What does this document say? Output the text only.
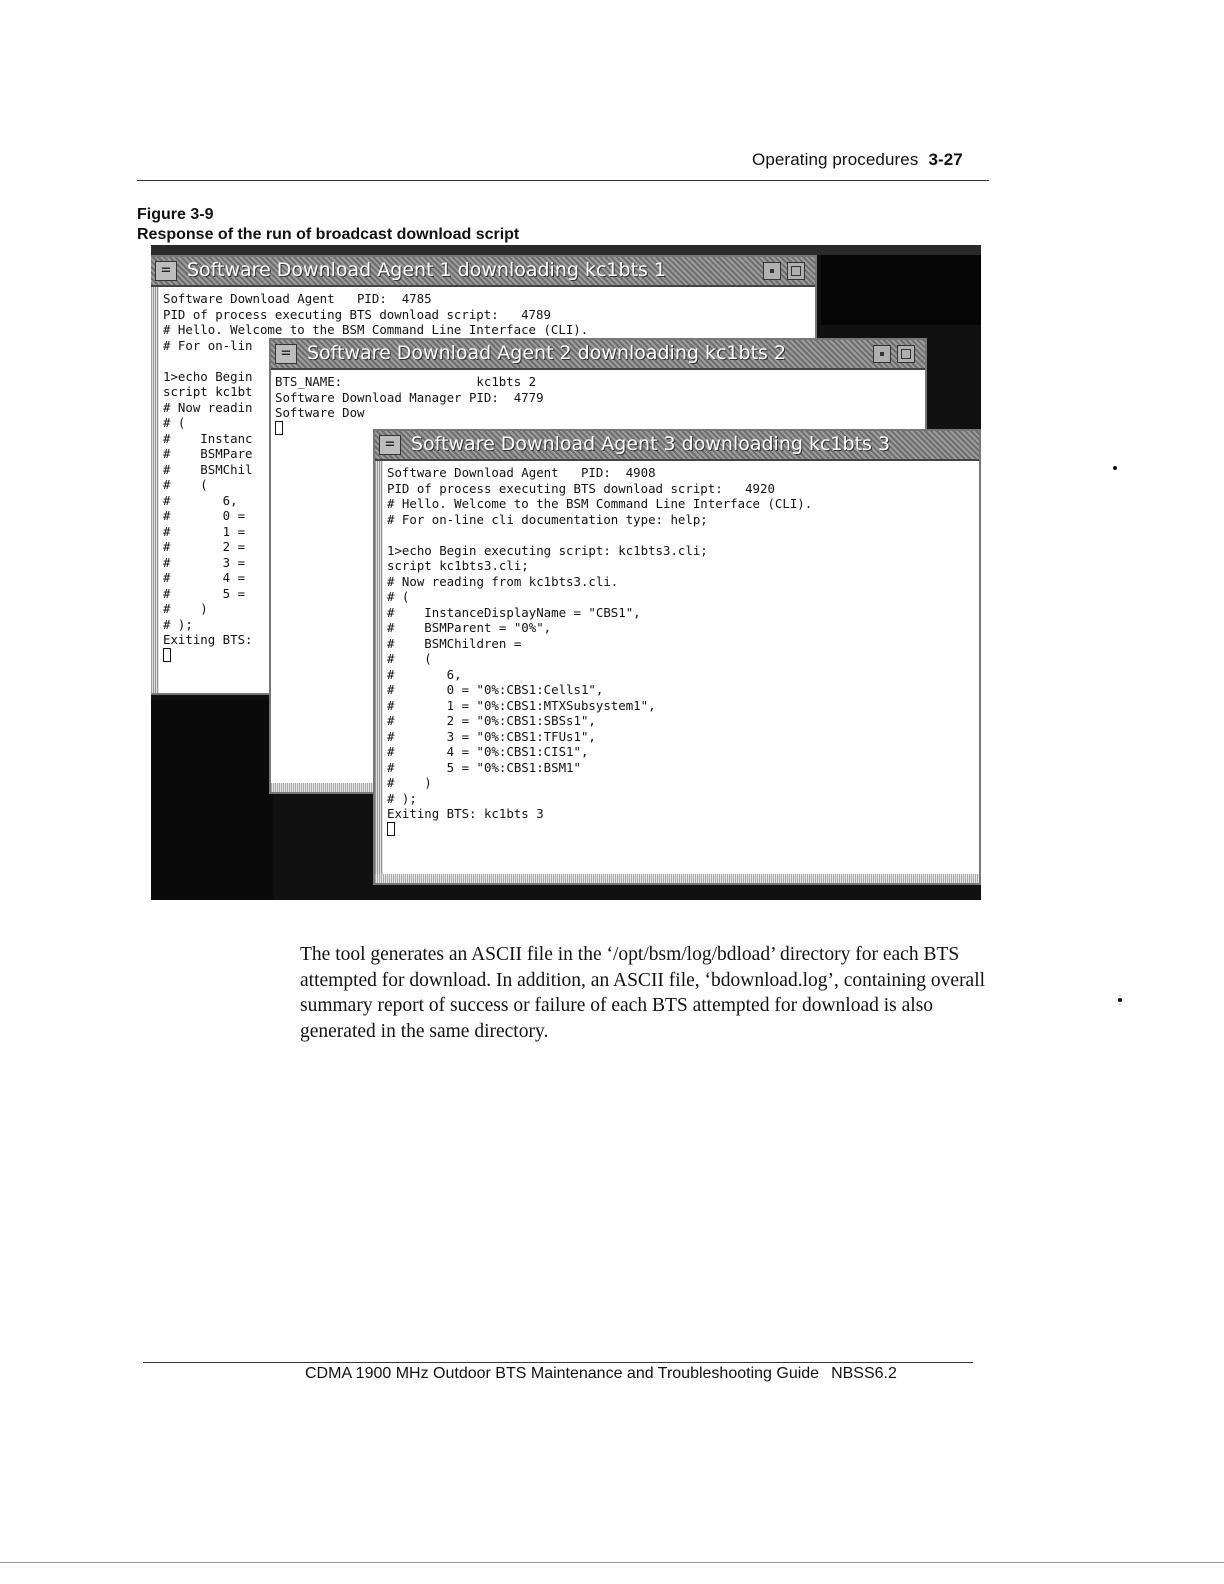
Operating procedures 3-27
Figure 3-9
Response of the run of broadcast download script
= Software Download Agent 1 downloading kc1bts 1
Software Download Agent   PID:  4785
PID of process executing BTS download script:   4789
# Hello. Welcome to the BSM Command Line Interface (CLI).
# For on-lin

1>echo Begin
script kc1bt
# Now readin
# (
#    Instanc
#    BSMPare
#    BSMChil
#    (
#       6,
#       0 =
#       1 =
#       2 =
#       3 =
#       4 =
#       5 =
#    )
# );
Exiting BTS:
= Software Download Agent 2 downloading kc1bts 2
BTS_NAME:                  kc1bts 2
Software Download Manager PID:  4779
Software Dow
= Software Download Agent 3 downloading kc1bts 3
Software Download Agent   PID:  4908
PID of process executing BTS download script:   4920
# Hello. Welcome to the BSM Command Line Interface (CLI).
# For on-line cli documentation type: help;

1>echo Begin executing script: kc1bts3.cli;
script kc1bts3.cli;
# Now reading from kc1bts3.cli.
# (
#    InstanceDisplayName = "CBS1",
#    BSMParent = "0%",
#    BSMChildren =
#    (
#       6,
#       0 = "0%:CBS1:Cells1",
#       1 = "0%:CBS1:MTXSubsystem1",
#       2 = "0%:CBS1:SBSs1",
#       3 = "0%:CBS1:TFUs1",
#       4 = "0%:CBS1:CIS1",
#       5 = "0%:CBS1:BSM1"
#    )
# );
Exiting BTS: kc1bts 3
The tool generates an ASCII file in the ‘/opt/bsm/log/bdload’ directory for each BTS attempted for download. In addition, an ASCII file, ‘bdownload.log’, containing overall summary report of success or failure of each BTS attempted for download is also generated in the same directory.
CDMA 1900 MHz Outdoor BTS Maintenance and Troubleshooting Guide NBSS6.2
